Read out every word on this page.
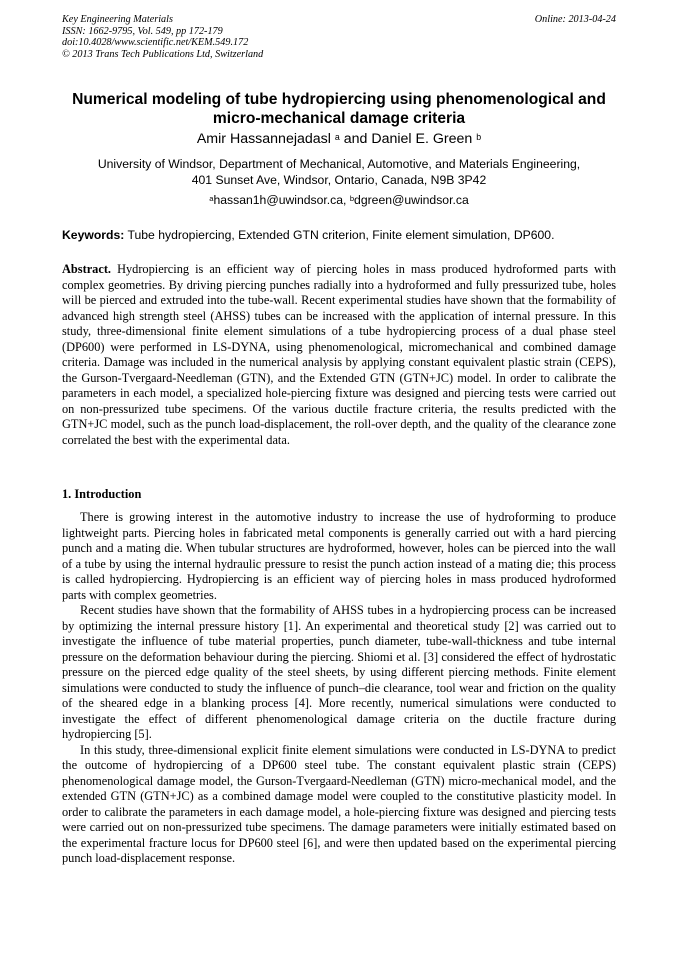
Key Engineering Materials
ISSN: 1662-9795, Vol. 549, pp 172-179
doi:10.4028/www.scientific.net/KEM.549.172
© 2013 Trans Tech Publications Ltd, Switzerland
Online: 2013-04-24
Numerical modeling of tube hydropiercing using phenomenological and
micro-mechanical damage criteria
Amir Hassannejadasl $^a$ and Daniel E. Green $^b$
University of Windsor, Department of Mechanical, Automotive, and Materials Engineering,
401 Sunset Ave, Windsor, Ontario, Canada, N9B 3P42
$^a$hassan1h@uwindsor.ca, $^b$dgreen@uwindsor.ca
Keywords: Tube hydropiercing, Extended GTN criterion, Finite element simulation, DP600.
Abstract. Hydropiercing is an efficient way of piercing holes in mass produced hydroformed parts with complex geometries. By driving piercing punches radially into a hydroformed and fully pressurized tube, holes will be pierced and extruded into the tube-wall. Recent experimental studies have shown that the formability of advanced high strength steel (AHSS) tubes can be increased with the application of internal pressure. In this study, three-dimensional finite element simulations of a tube hydropiercing process of a dual phase steel (DP600) were performed in LS-DYNA, using phenomenological, micromechanical and combined damage criteria. Damage was included in the numerical analysis by applying constant equivalent plastic strain (CEPS), the Gurson-Tvergaard-Needleman (GTN), and the Extended GTN (GTN+JC) model. In order to calibrate the parameters in each model, a specialized hole-piercing fixture was designed and piercing tests were carried out on non-pressurized tube specimens. Of the various ductile fracture criteria, the results predicted with the GTN+JC model, such as the punch load-displacement, the roll-over depth, and the quality of the clearance zone correlated the best with the experimental data.
1. Introduction

There is growing interest in the automotive industry to increase the use of hydroforming to produce lightweight parts. Piercing holes in fabricated metal components is generally carried out with a hard piercing punch and a mating die. When tubular structures are hydroformed, however, holes can be pierced into the wall of a tube by using the internal hydraulic pressure to resist the punch action instead of a mating die; this process is called hydropiercing. Hydropiercing is an efficient way of piercing holes in mass produced hydroformed parts with complex geometries.

Recent studies have shown that the formability of AHSS tubes in a hydropiercing process can be increased by optimizing the internal pressure history [1]. An experimental and theoretical study [2] was carried out to investigate the influence of tube material properties, punch diameter, tube-wall-thickness and tube internal pressure on the deformation behaviour during the piercing. Shiomi et al. [3] considered the effect of hydrostatic pressure on the pierced edge quality of the steel sheets, by using different piercing methods. Finite element simulations were conducted to study the influence of punch–die clearance, tool wear and friction on the quality of the sheared edge in a blanking process [4]. More recently, numerical simulations were conducted to investigate the effect of different phenomenological damage criteria on the ductile fracture during hydropiercing [5].

In this study, three-dimensional explicit finite element simulations were conducted in LS-DYNA to predict the outcome of hydropiercing of a DP600 steel tube. The constant equivalent plastic strain (CEPS) phenomenological damage model, the Gurson-Tvergaard-Needleman (GTN) micro-mechanical model, and the extended GTN (GTN+JC) as a combined damage model were coupled to the constitutive plasticity model. In order to calibrate the parameters in each damage model, a hole-piercing fixture was designed and piercing tests were carried out on non-pressurized tube specimens. The damage parameters were initially estimated based on the experimental fracture locus for DP600 steel [6], and were then updated based on the experimental piercing punch load-displacement response.
